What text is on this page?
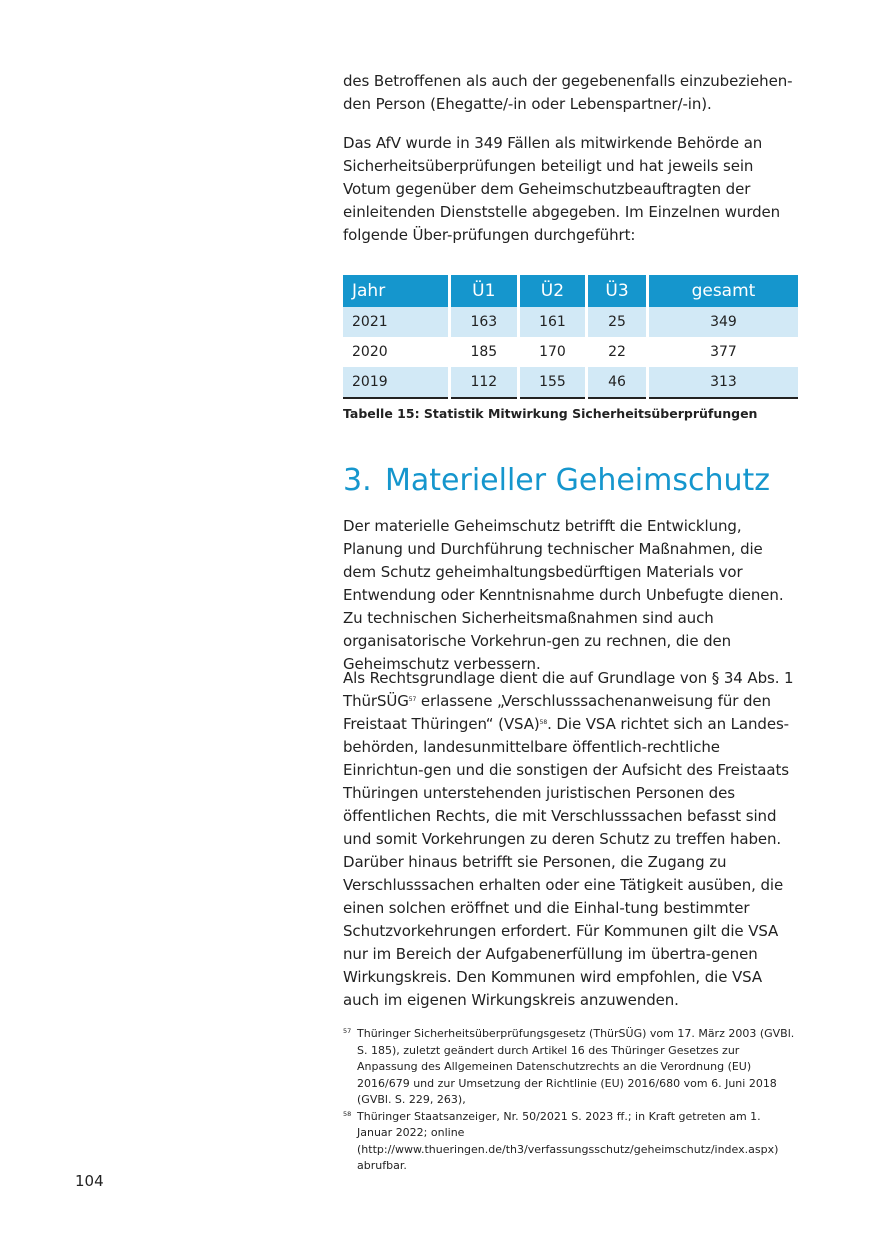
des Betroffenen als auch der gegebenenfalls einzubeziehen-den Person (Ehegatte/-in oder Lebenspartner/-in).

Das AfV wurde in 349 Fällen als mitwirkende Behörde an Sicherheitsüberprüfungen beteiligt und hat jeweils sein Votum gegenüber dem Geheimschutzbeauftragten der einleitenden Dienststelle abgegeben. Im Einzelnen wurden folgende Über-prüfungen durchgeführt:

Jahr	Ü1	Ü2	Ü3	gesamt
2021	163	161	25	349
2020	185	170	22	377
2019	112	155	46	313
Tabelle 15: Statistik Mitwirkung Sicherheitsüberprüfungen
3. Materieller Geheimschutz

Der materielle Geheimschutz betrifft die Entwicklung, Planung und Durchführung technischer Maßnahmen, die dem Schutz geheimhaltungsbedürftigen Materials vor Entwendung oder Kenntnisnahme durch Unbefugte dienen. Zu technischen Sicherheitsmaßnahmen sind auch organisatorische Vorkehrun-gen zu rechnen, die den Geheimschutz verbessern.

Als Rechtsgrundlage dient die auf Grundlage von § 34 Abs. 1 ThürSÜG$^{57}$ erlassene „Verschlusssachenanweisung für den Freistaat Thüringen“ (VSA)$^{58}$. Die VSA richtet sich an Landes-behörden, landesunmittelbare öffentlich-rechtliche Einrichtun-gen und die sonstigen der Aufsicht des Freistaats Thüringen unterstehenden juristischen Personen des öffentlichen Rechts, die mit Verschlusssachen befasst sind und somit Vorkehrungen zu deren Schutz zu treffen haben. Darüber hinaus betrifft sie Personen, die Zugang zu Verschlusssachen erhalten oder eine Tätigkeit ausüben, die einen solchen eröffnet und die Einhal-tung bestimmter Schutzvorkehrungen erfordert. Für Kommunen gilt die VSA nur im Bereich der Aufgabenerfüllung im übertra-genen Wirkungskreis. Den Kommunen wird empfohlen, die VSA auch im eigenen Wirkungskreis anzuwenden.

57 Thüringer Sicherheitsüberprüfungsgesetz (ThürSÜG) vom 17. März 2003 (GVBl. S. 185), zuletzt geändert durch Artikel 16 des Thüringer Gesetzes zur Anpassung des Allgemeinen Datenschutzrechts an die Verordnung (EU) 2016/679 und zur Umsetzung der Richtlinie (EU) 2016/680 vom 6. Juni 2018 (GVBl. S. 229, 263),
58 Thüringer Staatsanzeiger, Nr. 50/2021 S. 2023 ff.; in Kraft getreten am 1. Januar 2022; online (http://www.thueringen.de/th3/verfassungsschutz/geheimschutz/index.aspx) abrufbar.
104
